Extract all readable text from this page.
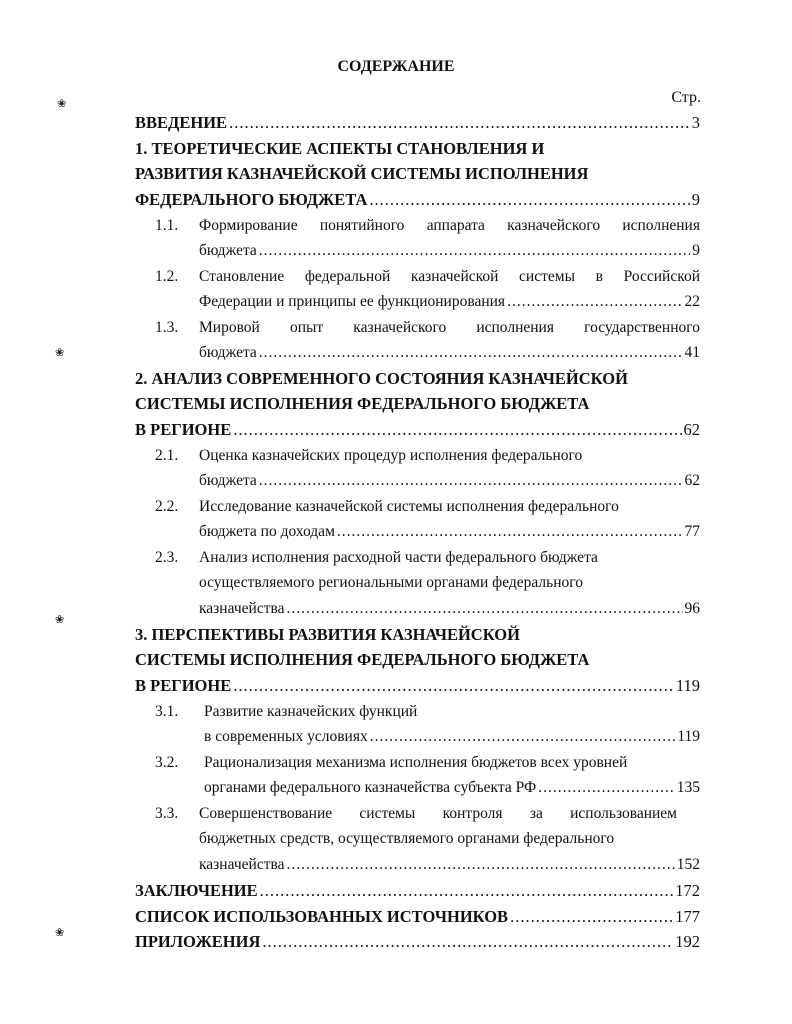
СОДЕРЖАНИЕ
Стр.
❀
❀
❀
❀
ВВЕДЕНИЕ .....	3
1. ТЕОРЕТИЧЕСКИЕ АСПЕКТЫ СТАНОВЛЕНИЯ И
РАЗВИТИЯ КАЗНАЧЕЙСКОЙ СИСТЕМЫ ИСПОЛНЕНИЯ
ФЕДЕРАЛЬНОГО БЮДЖЕТА .....	9
1.1. Формирование понятийного аппарата казначейского исполнения
бюджета .....	9
1.2. Становление федеральной казначейской системы в Российской
Федерации и принципы ее функционирования .....	22
1.3. Мировой опыт казначейского исполнения государственного
бюджета .....	41
2. АНАЛИЗ СОВРЕМЕННОГО СОСТОЯНИЯ КАЗНАЧЕЙСКОЙ
СИСТЕМЫ ИСПОЛНЕНИЯ ФЕДЕРАЛЬНОГО БЮДЖЕТА
В РЕГИОНЕ .....	62
2.1. Оценка казначейских процедур исполнения федерального
бюджета .....	62
2.2. Исследование казначейской системы исполнения федерального
бюджета по доходам .....	77
2.3. Анализ исполнения расходной части федерального бюджета
осуществляемого региональными органами федерального
казначейства .....	96
3. ПЕРСПЕКТИВЫ РАЗВИТИЯ КАЗНАЧЕЙСКОЙ
СИСТЕМЫ ИСПОЛНЕНИЯ ФЕДЕРАЛЬНОГО БЮДЖЕТА
В РЕГИОНЕ .....	119
3.1. Развитие казначейских функций
в современных условиях .....	119
3.2. Рационализация механизма исполнения бюджетов всех уровней
органами федерального казначейства субъекта РФ .....	135
3.3. Совершенствование системы контроля за использованием
бюджетных средств, осуществляемого органами федерального
казначейства .....	152
ЗАКЛЮЧЕНИЕ .....	172
СПИСОК ИСПОЛЬЗОВАННЫХ ИСТОЧНИКОВ .....	177
ПРИЛОЖЕНИЯ .....	192
